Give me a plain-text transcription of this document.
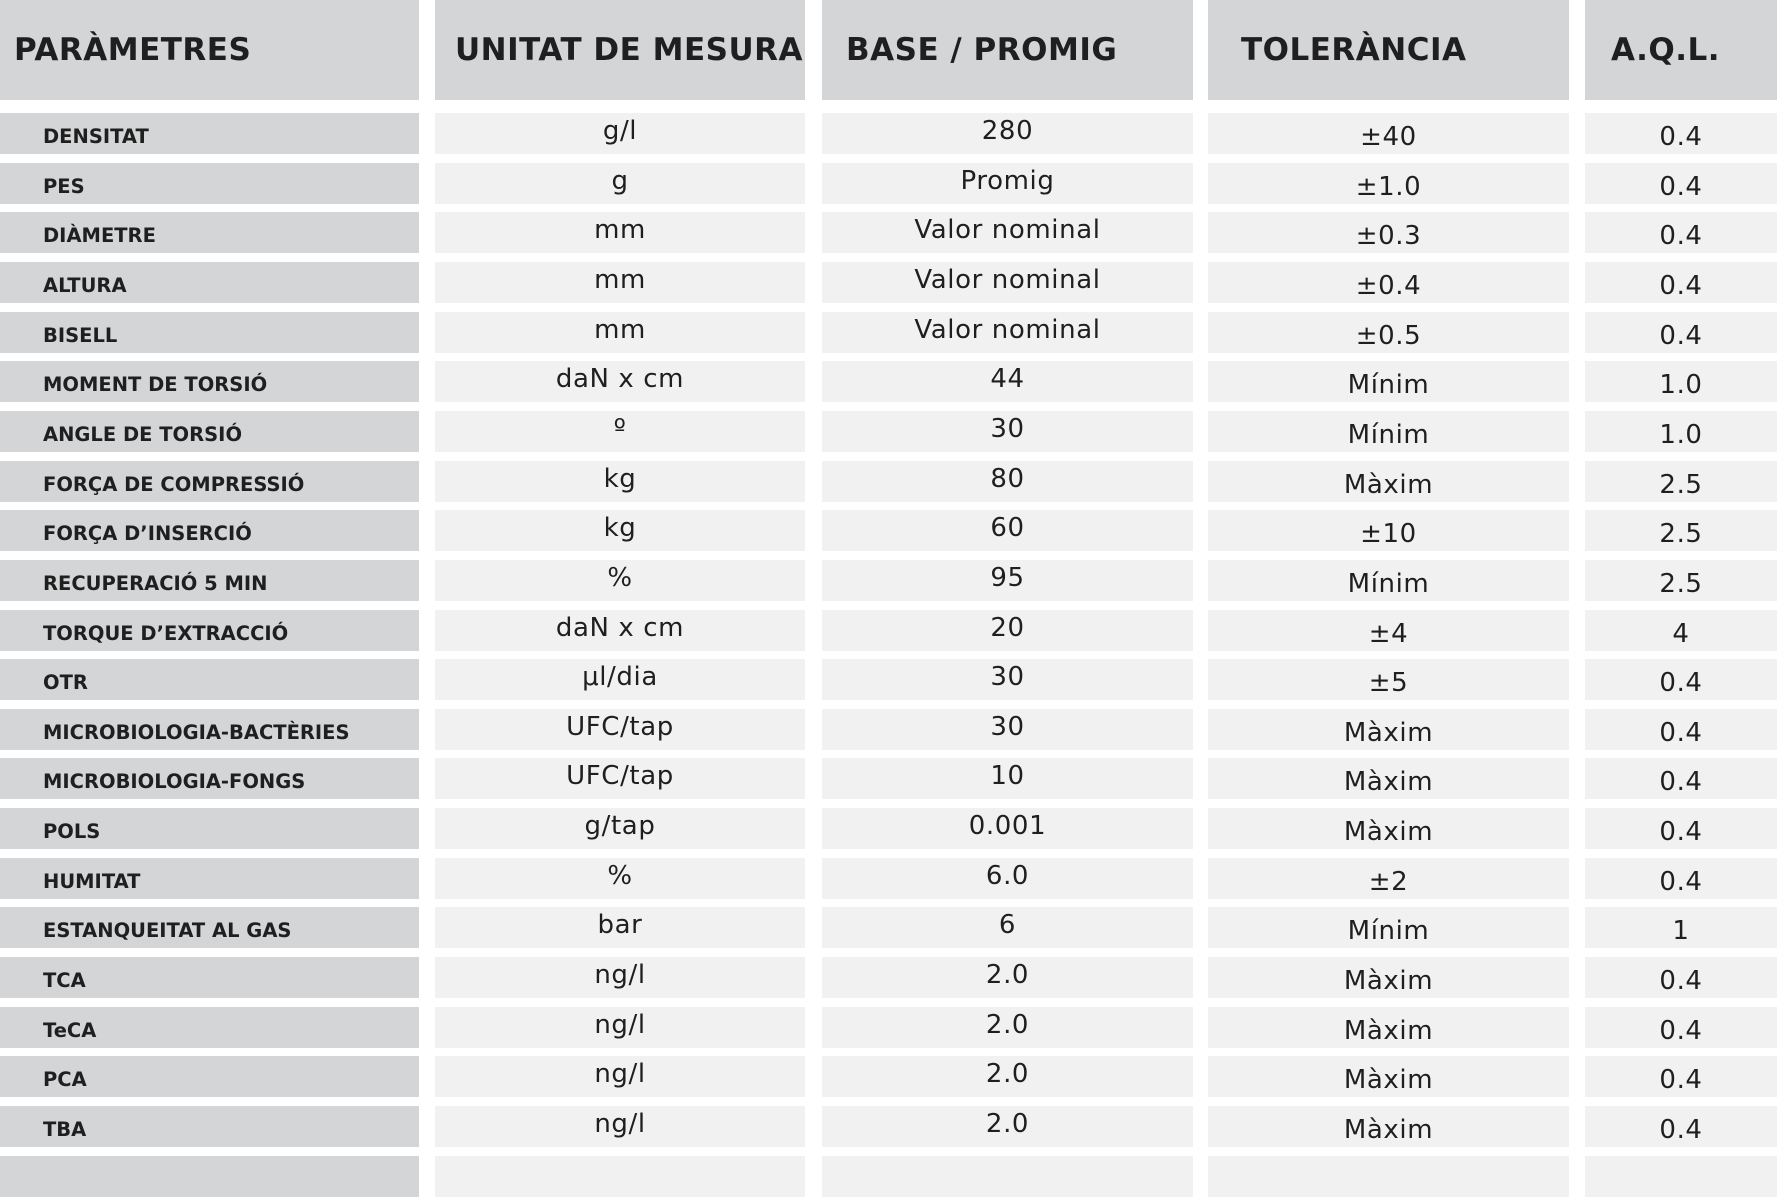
PARÀMETRES	UNITAT DE MESURA	BASE / PROMIG	TOLERÀNCIA	A.Q.L.
DENSITAT	g/l	280	±40	0.4
PES	g	Promig	±1.0	0.4
DIÀMETRE	mm	Valor nominal	±0.3	0.4
ALTURA	mm	Valor nominal	±0.4	0.4
BISELL	mm	Valor nominal	±0.5	0.4
MOMENT DE TORSIÓ	daN x cm	44	Mínim	1.0
ANGLE DE TORSIÓ	º	30	Mínim	1.0
FORÇA DE COMPRESSIÓ	kg	80	Màxim	2.5
FORÇA D’INSERCIÓ	kg	60	±10	2.5
RECUPERACIÓ 5 MIN	%	95	Mínim	2.5
TORQUE D’EXTRACCIÓ	daN x cm	20	±4	4
OTR	μl/dia	30	±5	0.4
MICROBIOLOGIA-BACTÈRIES	UFC/tap	30	Màxim	0.4
MICROBIOLOGIA-FONGS	UFC/tap	10	Màxim	0.4
POLS	g/tap	0.001	Màxim	0.4
HUMITAT	%	6.0	±2	0.4
ESTANQUEITAT AL GAS	bar	6	Mínim	1
TCA	ng/l	2.0	Màxim	0.4
TeCA	ng/l	2.0	Màxim	0.4
PCA	ng/l	2.0	Màxim	0.4
TBA	ng/l	2.0	Màxim	0.4
